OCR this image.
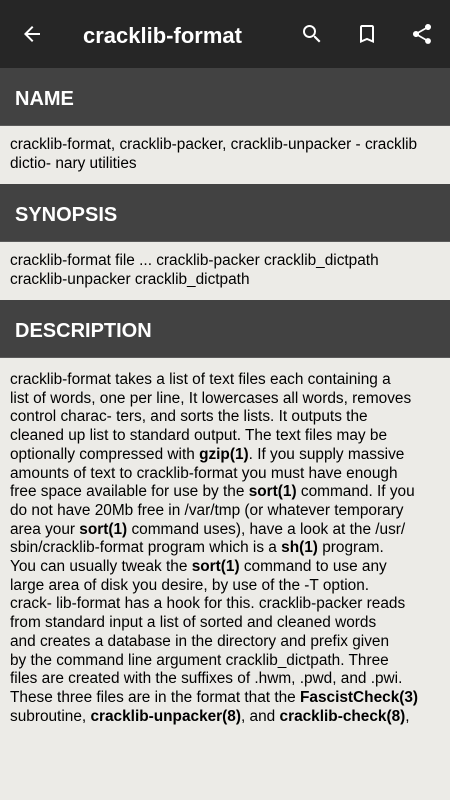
cracklib-format
NAME
cracklib-format, cracklib-packer, cracklib-unpacker - cracklib
dictio- nary utilities
SYNOPSIS
cracklib-format file ... cracklib-packer cracklib_dictpath
cracklib-unpacker cracklib_dictpath
DESCRIPTION
cracklib-format takes a list of text files each containing a
list of words, one per line, It lowercases all words, removes
control charac- ters, and sorts the lists. It outputs the
cleaned up list to standard output. The text files may be
optionally compressed with gzip(1). If you supply massive
amounts of text to cracklib-format you must have enough
free space available for use by the sort(1) command. If you
do not have 20Mb free in /var/tmp (or whatever temporary
area your sort(1) command uses), have a look at the /usr/
sbin/cracklib-format program which is a sh(1) program.
You can usually tweak the sort(1) command to use any
large area of disk you desire, by use of the -T option.
crack- lib-format has a hook for this. cracklib-packer reads
from standard input a list of sorted and cleaned words
and creates a database in the directory and prefix given
by the command line argument cracklib_dictpath. Three
files are created with the suffixes of .hwm, .pwd, and .pwi.
These three files are in the format that the FascistCheck(3)
subroutine, cracklib-unpacker(8), and cracklib-check(8),
